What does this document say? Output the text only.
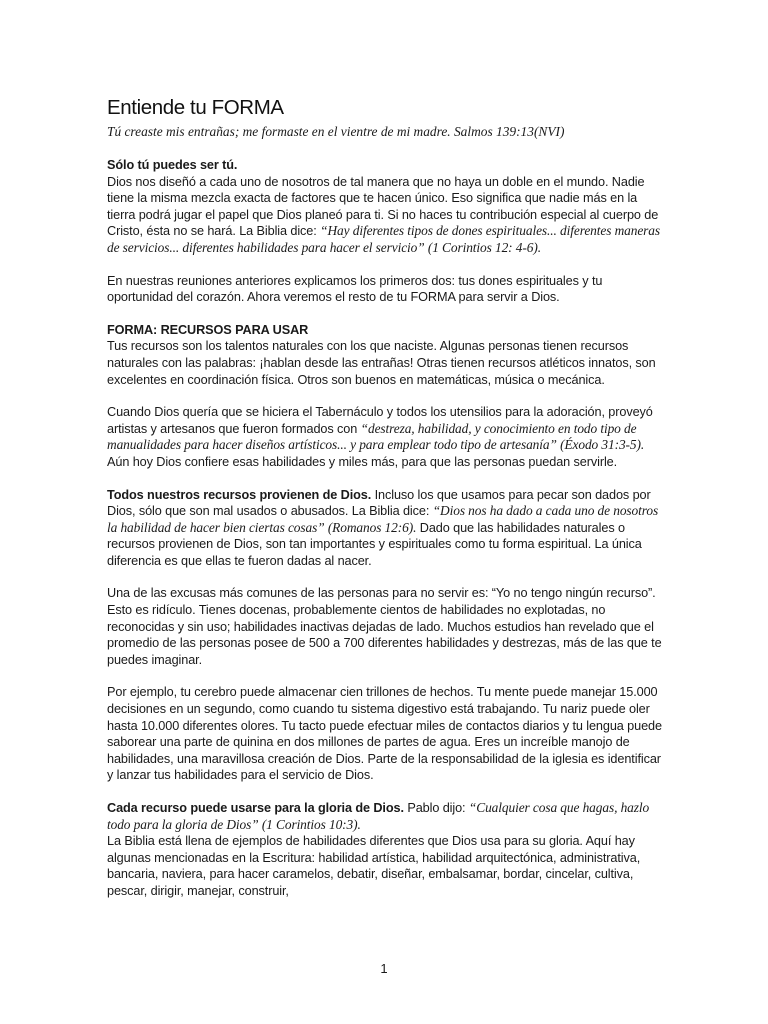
Entiende tu FORMA
Tú creaste mis entrañas; me formaste en el vientre de mi madre. Salmos 139:13(NVI)

Sólo tú puedes ser tú.
Dios nos diseñó a cada uno de nosotros de tal manera que no haya un doble en el mundo. Nadie tiene la misma mezcla exacta de factores que te hacen único. Eso significa que nadie más en la tierra podrá jugar el papel que Dios planeó para ti. Si no haces tu contribución especial al cuerpo de Cristo, ésta no se hará. La Biblia dice: “Hay diferentes tipos de dones espirituales... diferentes maneras de servicios... diferentes habilidades para hacer el servicio” (1 Corintios 12: 4-6).

En nuestras reuniones anteriores explicamos los primeros dos: tus dones espirituales y tu oportunidad del corazón. Ahora veremos el resto de tu FORMA para servir a Dios.

FORMA: RECURSOS PARA USAR
Tus recursos son los talentos naturales con los que naciste. Algunas personas tienen recursos naturales con las palabras: ¡hablan desde las entrañas! Otras tienen recursos atléticos innatos, son excelentes en coordinación física. Otros son buenos en matemáticas, música o mecánica.

Cuando Dios quería que se hiciera el Tabernáculo y todos los utensilios para la adoración, proveyó artistas y artesanos que fueron formados con “destreza, habilidad, y conocimiento en todo tipo de manualidades para hacer diseños artísticos... y para emplear todo tipo de artesanía” (Éxodo 31:3-5). Aún hoy Dios confiere esas habilidades y miles más, para que las personas puedan servirle.

Todos nuestros recursos provienen de Dios. Incluso los que usamos para pecar son dados por Dios, sólo que son mal usados o abusados. La Biblia dice: “Dios nos ha dado a cada uno de nosotros la habilidad de hacer bien ciertas cosas” (Romanos 12:6). Dado que las habilidades naturales o recursos provienen de Dios, son tan importantes y espirituales como tu forma espiritual. La única diferencia es que ellas te fueron dadas al nacer.

Una de las excusas más comunes de las personas para no servir es: “Yo no tengo ningún recurso”. Esto es ridículo. Tienes docenas, probablemente cientos de habilidades no explotadas, no reconocidas y sin uso; habilidades inactivas dejadas de lado. Muchos estudios han revelado que el promedio de las personas posee de 500 a 700 diferentes habilidades y destrezas, más de las que te puedes imaginar.

Por ejemplo, tu cerebro puede almacenar cien trillones de hechos. Tu mente puede manejar 15.000 decisiones en un segundo, como cuando tu sistema digestivo está trabajando. Tu nariz puede oler hasta 10.000 diferentes olores. Tu tacto puede efectuar miles de contactos diarios y tu lengua puede saborear una parte de quinina en dos millones de partes de agua. Eres un increíble manojo de habilidades, una maravillosa creación de Dios. Parte de la responsabilidad de la iglesia es identificar y lanzar tus habilidades para el servicio de Dios.

Cada recurso puede usarse para la gloria de Dios. Pablo dijo: “Cualquier cosa que hagas, hazlo todo para la gloria de Dios” (1 Corintios 10:3).
La Biblia está llena de ejemplos de habilidades diferentes que Dios usa para su gloria. Aquí hay algunas mencionadas en la Escritura: habilidad artística, habilidad arquitectónica, administrativa, bancaria, naviera, para hacer caramelos, debatir, diseñar, embalsamar, bordar, cincelar, cultiva, pescar, dirigir, manejar, construir,

1
